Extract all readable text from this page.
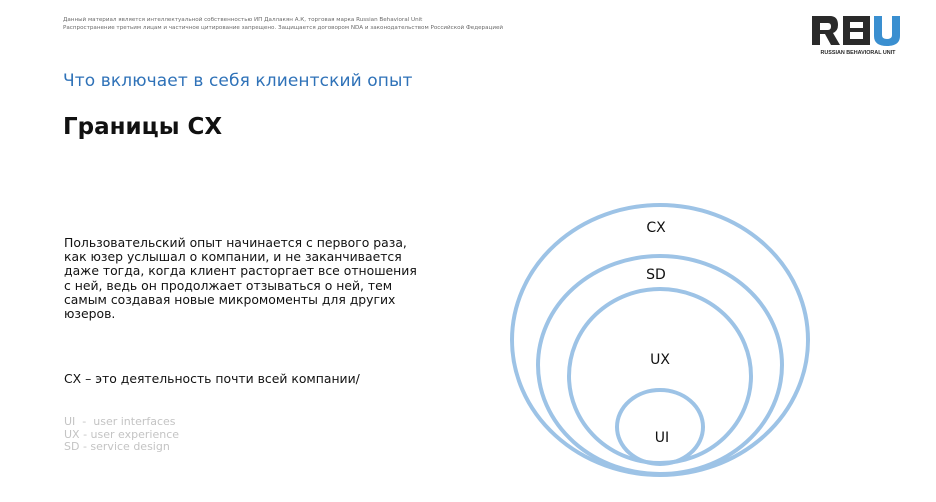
Данный материал является интеллектуальной собственностью ИП Даллакян А.К, торговая марка Russian Behavioral Unit
Распространение третьим лицам и частичное цитирование запрещено. Защищается договором NDA и законодательством Российской Федерацией
RUSSIAN BEHAVIORAL UNIT
Что включает в себя клиентский опыт
Границы CX
Пользовательский опыт начинается с первого раза, как юзер услышал о компании, и не заканчивается даже тогда, когда клиент расторгает все отношения с ней, ведь он продолжает отзываться о ней, тем самым создавая новые микромоменты для других юзеров.
CX – это деятельность почти всей компании/
UI  -  user interfaces
UX - user experience
SD - service design
CX
SD
UX
UI
